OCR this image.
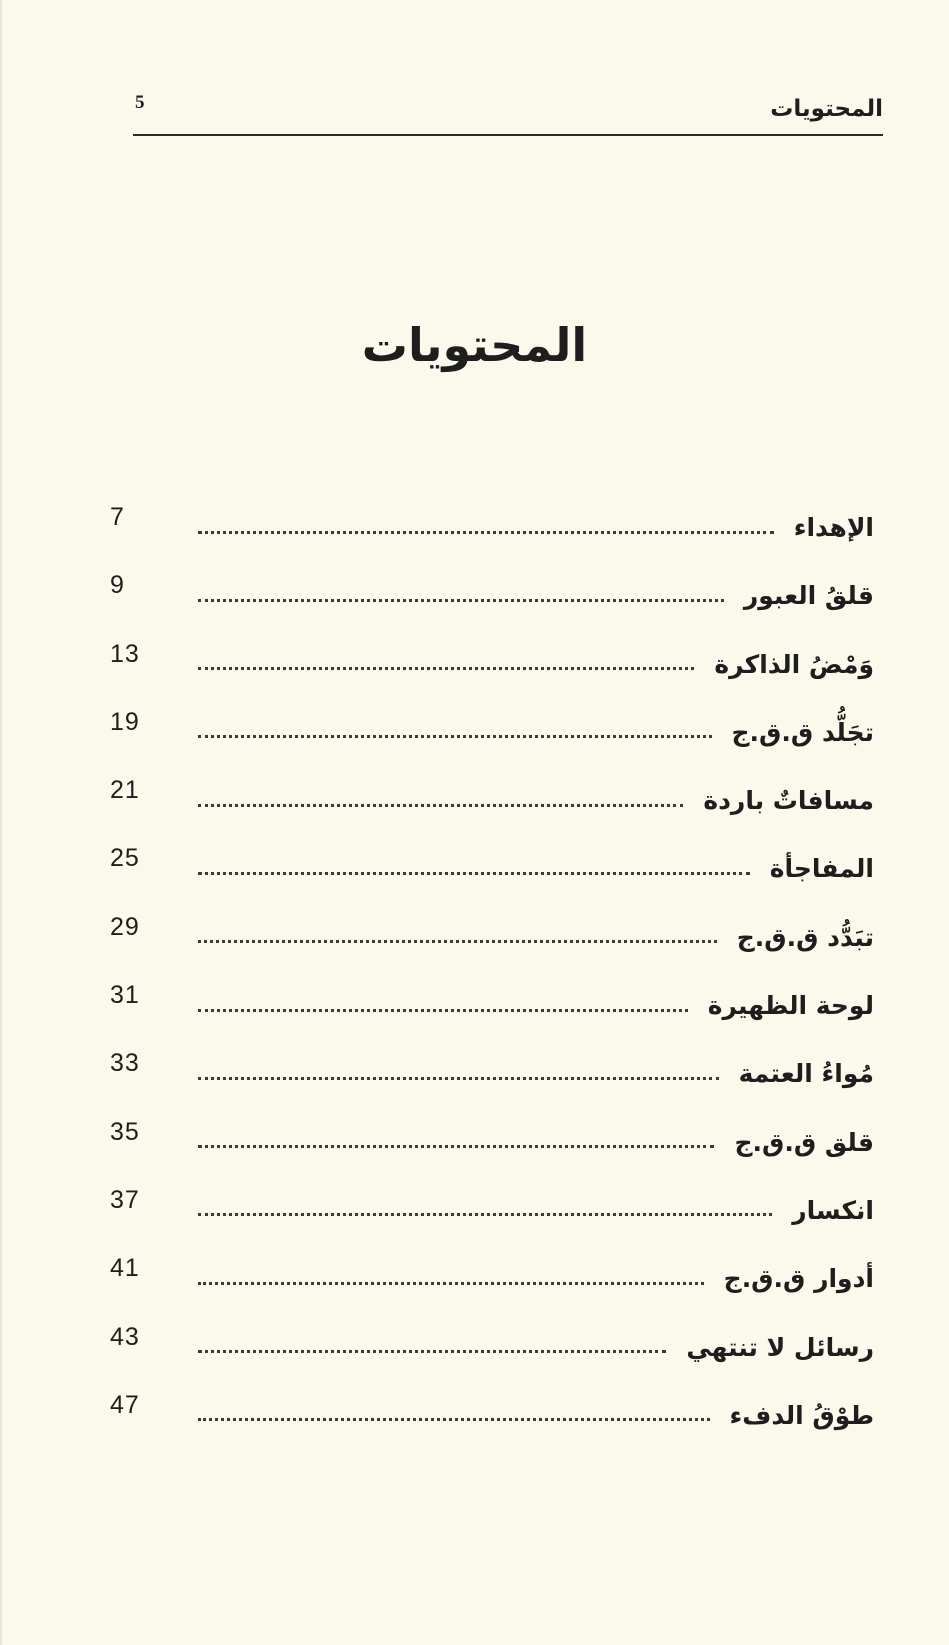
5	المحتويات
المحتويات
7	الإهداء
9	قلقُ العبور
13	وَمْضُ الذاكرة
19	تجَلُّد ق.ق.ج
21	مسافاتٌ باردة
25	المفاجأة
29	تبَدُّد ق.ق.ج
31	لوحة الظهيرة
33	مُواءُ العتمة
35	قلق ق.ق.ج
37	انكسار
41	أدوار ق.ق.ج
43	رسائل لا تنتهي
47	طوْقُ الدفء
